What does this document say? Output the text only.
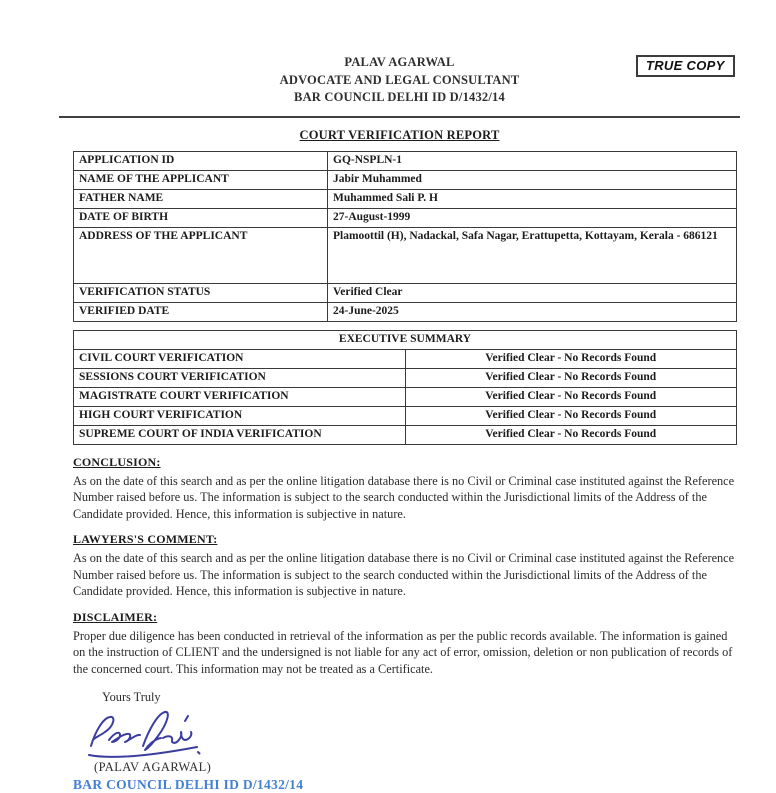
TRUE COPY
PALAV AGARWAL
ADVOCATE AND LEGAL CONSULTANT
BAR COUNCIL DELHI ID D/1432/14
COURT VERIFICATION REPORT
APPLICATION ID	GQ-NSPLN-1
NAME OF THE APPLICANT	Jabir Muhammed
FATHER NAME	Muhammed Sali P. H
DATE OF BIRTH	27-August-1999
ADDRESS OF THE APPLICANT	Plamoottil (H), Nadackal, Safa Nagar, Erattupetta, Kottayam, Kerala - 686121
VERIFICATION STATUS	Verified Clear
VERIFIED DATE	24-June-2025
EXECUTIVE SUMMARY	
CIVIL COURT VERIFICATION	Verified Clear - No Records Found
SESSIONS COURT VERIFICATION	Verified Clear - No Records Found
MAGISTRATE COURT VERIFICATION	Verified Clear - No Records Found
HIGH COURT VERIFICATION	Verified Clear - No Records Found
SUPREME COURT OF INDIA VERIFICATION	Verified Clear - No Records Found
CONCLUSION:

As on the date of this search and as per the online litigation database there is no Civil or Criminal case instituted against the Reference Number raised before us. The information is subject to the search conducted within the Jurisdictional limits of the Address of the Candidate provided. Hence, this information is subjective in nature.

LAWYERS'S COMMENT:

As on the date of this search and as per the online litigation database there is no Civil or Criminal case instituted against the Reference Number raised before us. The information is subject to the search conducted within the Jurisdictional limits of the Address of the Candidate provided. Hence, this information is subjective in nature.

DISCLAIMER:

Proper due diligence has been conducted in retrieval of the information as per the public records available. The information is gained on the instruction of CLIENT and the undersigned is not liable for any act of error, omission, deletion or non publication of records of the concerned court. This information may not be treated as a Certificate.

Yours Truly
(PALAV AGARWAL)
BAR COUNCIL DELHI ID D/1432/14
